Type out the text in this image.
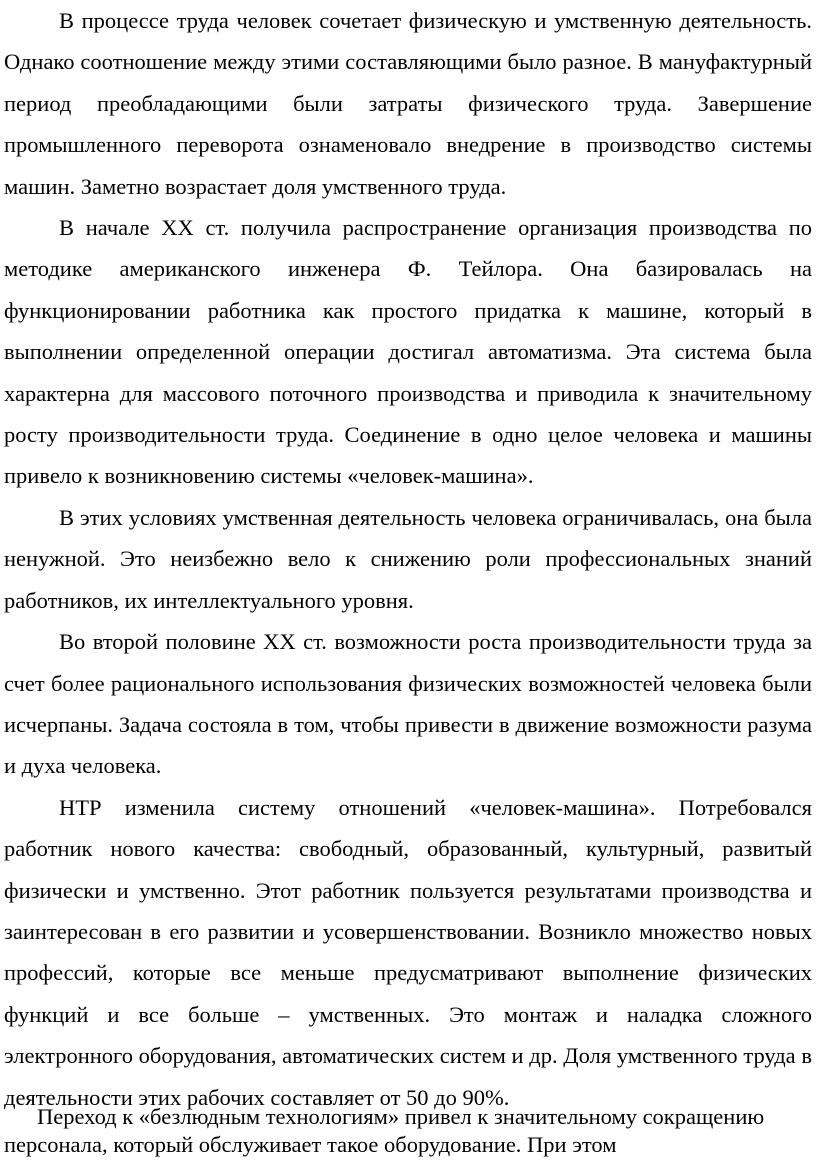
В процессе труда человек сочетает физическую и умственную деятельность. Однако соотношение между этими составляющими было разное. В мануфактурный период преобладающими были затраты физического труда. Завершение промышленного переворота ознаменовало внедрение в производство системы машин. Заметно возрастает доля умственного труда.

В начале XX ст. получила распространение организация производства по методике американского инженера Ф. Тейлора. Она базировалась на функционировании работника как простого придатка к машине, который в выполнении определенной операции достигал автоматизма. Эта система была характерна для массового поточного производства и приводила к значительному росту производительности труда. Соединение в одно целое человека и машины привело к возникновению системы «человек-машина».

В этих условиях умственная деятельность человека ограничивалась, она была ненужной. Это неизбежно вело к снижению роли профессиональных знаний работников, их интеллектуального уровня.

Во второй половине XX ст. возможности роста производительности труда за счет более рационального использования физических возможностей человека были исчерпаны. Задача состояла в том, чтобы привести в движение возможности разума и духа человека.

НТР изменила систему отношений «человек-машина». Потребовался работник нового качества: свободный, образованный, культурный, развитый физически и умственно. Этот работник пользуется результатами производства и заинтересован в его развитии и усовершенствовании. Возникло множество новых профессий, которые все меньше предусматривают выполнение физических функций и все больше – умственных. Это монтаж и наладка сложного электронного оборудования, автоматических систем и др. Доля умственного труда в деятельности этих рабочих составляет от 50 до 90%.

Переход к «безлюдным технологиям» привел к значительному сокращению персонала, который обслуживает такое оборудование. При этом
